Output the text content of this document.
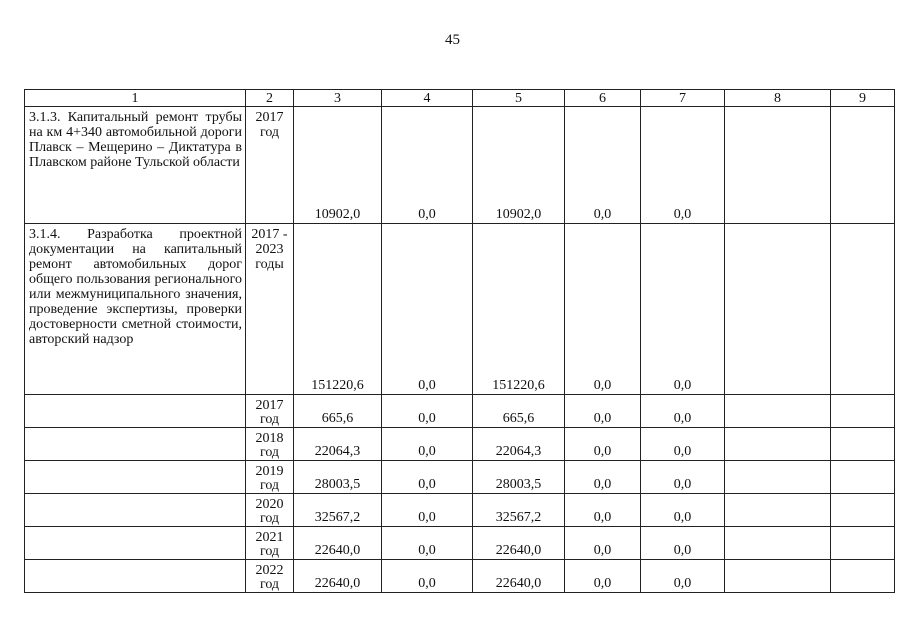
45
1	2	3	4	5	6	7	8	9
3.1.3. Капитальный ремонт трубы на км 4+340 автомобильной дороги Плавск – Мещерино – Диктатура в Плавском районе Тульской области	2017 год	10902,0	0,0	10902,0	0,0	0,0		
3.1.4. Разработка проектной документации на капитальный ремонт автомобильных дорог общего пользования регионального или межмуниципального значения, проведение экспертизы, проверки достоверности сметной стоимости, авторский надзор	2017 - 2023 годы	151220,6	0,0	151220,6	0,0	0,0		
	2017 год	665,6	0,0	665,6	0,0	0,0		
	2018 год	22064,3	0,0	22064,3	0,0	0,0		
	2019 год	28003,5	0,0	28003,5	0,0	0,0		
	2020 год	32567,2	0,0	32567,2	0,0	0,0		
	2021 год	22640,0	0,0	22640,0	0,0	0,0		
	2022 год	22640,0	0,0	22640,0	0,0	0,0		
